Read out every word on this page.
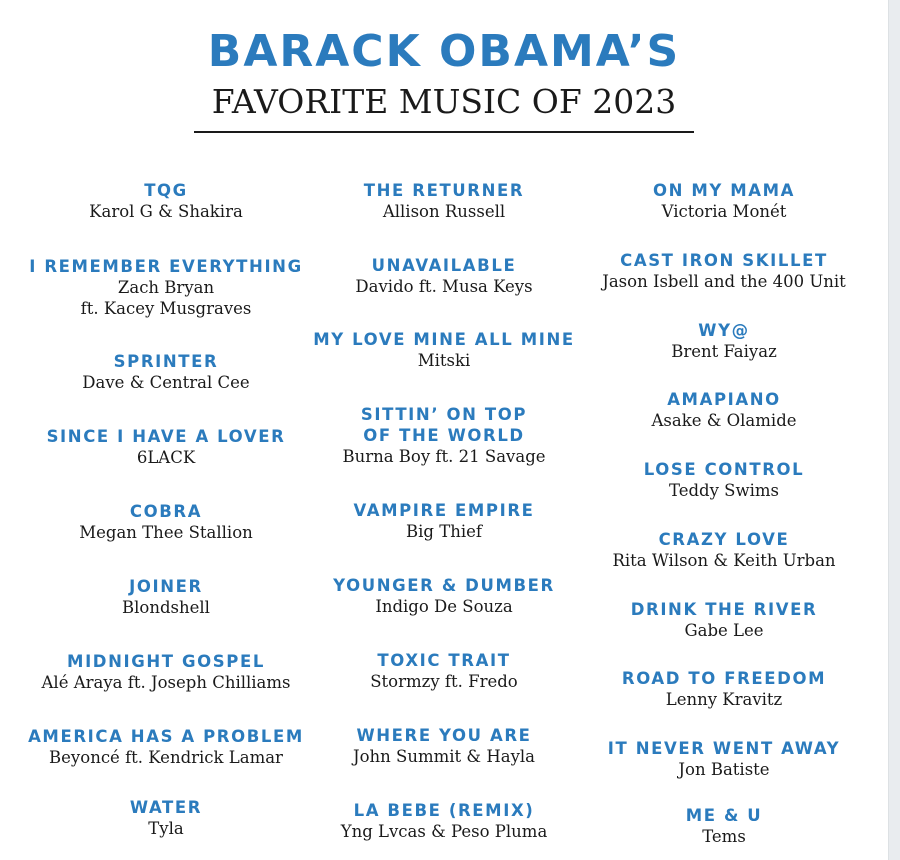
BARACK OBAMA’S
FAVORITE MUSIC OF 2023
TQG
Karol G & Shakira
I REMEMBER EVERYTHING
Zach Bryan
ft. Kacey Musgraves
SPRINTER
Dave & Central Cee
SINCE I HAVE A LOVER
6LACK
COBRA
Megan Thee Stallion
JOINER
Blondshell
MIDNIGHT GOSPEL
Alé Araya ft. Joseph Chilliams
AMERICA HAS A PROBLEM
Beyoncé ft. Kendrick Lamar
WATER
Tyla
THE RETURNER
Allison Russell
UNAVAILABLE
Davido ft. Musa Keys
MY LOVE MINE ALL MINE
Mitski
SITTIN’ ON TOP
OF THE WORLD
Burna Boy ft. 21 Savage
VAMPIRE EMPIRE
Big Thief
YOUNGER & DUMBER
Indigo De Souza
TOXIC TRAIT
Stormzy ft. Fredo
WHERE YOU ARE
John Summit & Hayla
LA BEBE (REMIX)
Yng Lvcas & Peso Pluma
ON MY MAMA
Victoria Monét
CAST IRON SKILLET
Jason Isbell and the 400 Unit
WY@
Brent Faiyaz
AMAPIANO
Asake & Olamide
LOSE CONTROL
Teddy Swims
CRAZY LOVE
Rita Wilson & Keith Urban
DRINK THE RIVER
Gabe Lee
ROAD TO FREEDOM
Lenny Kravitz
IT NEVER WENT AWAY
Jon Batiste
ME & U
Tems
